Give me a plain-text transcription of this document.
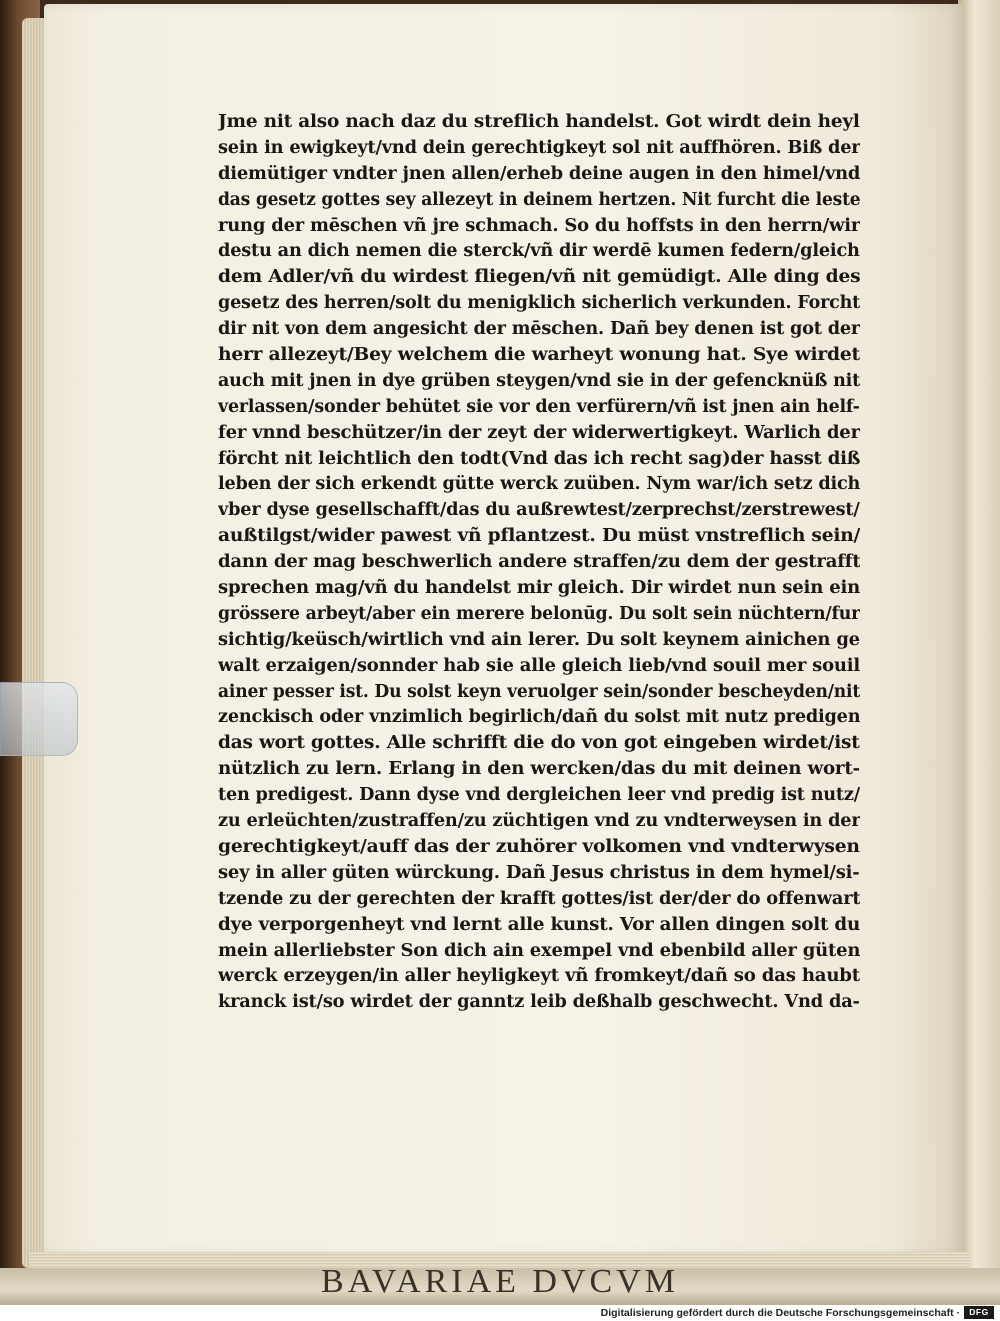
BAVARIAE DVCVM
Jme nit also nach daz du streflich handelst. Got wirdt dein heyl
sein in ewigkeyt/vnd dein gerechtigkeyt sol nit auffhören. Biß der
diemütiger vndter jnen allen/erheb deine augen in den himel/vnd
das gesetz gottes sey allezeyt in deinem hertzen. Nit furcht die leste
rung der mēschen vñ jre schmach. So du hoffsts in den herrn/wir
destu an dich nemen die sterck/vñ dir werdē kumen federn/gleich
dem Adler/vñ du wirdest fliegen/vñ nit gemüdigt. Alle ding des
gesetz des herren/solt du menigklich sicherlich verkunden. Forcht
dir nit von dem angesicht der mēschen. Dañ bey denen ist got der
herr allezeyt/Bey welchem die warheyt wonung hat. Sye wirdet
auch mit jnen in dye grüben steygen/vnd sie in der gefencknüß nit
verlassen/sonder behütet sie vor den verfürern/vñ ist jnen ain helf-
fer vnnd beschützer/in der zeyt der widerwertigkeyt. Warlich der
förcht nit leichtlich den todt(Vnd das ich recht sag)der hasst diß
leben der sich erkendt gütte werck zuüben. Nym war/ich setz dich
vber dyse gesellschafft/das du außrewtest/zerprechst/zerstrewest/
außtilgst/wider pawest vñ pflantzest. Du müst vnstreflich sein/
dann der mag beschwerlich andere straffen/zu dem der gestrafft
sprechen mag/vñ du handelst mir gleich. Dir wirdet nun sein ein
grössere arbeyt/aber ein merere belonūg. Du solt sein nüchtern/fur
sichtig/keüsch/wirtlich vnd ain lerer. Du solt keynem ainichen ge
walt erzaigen/sonnder hab sie alle gleich lieb/vnd souil mer souil
ainer pesser ist. Du solst keyn veruolger sein/sonder bescheyden/nit
zenckisch oder vnzimlich begirlich/dañ du solst mit nutz predigen
das wort gottes. Alle schrifft die do von got eingeben wirdet/ist
nützlich zu lern. Erlang in den wercken/das du mit deinen wort-
ten predigest. Dann dyse vnd dergleichen leer vnd predig ist nutz/
zu erleüchten/zustraffen/zu züchtigen vnd zu vndterweysen in der
gerechtigkeyt/auff das der zuhörer volkomen vnd vndterwysen
sey in aller güten würckung. Dañ Jesus christus in dem hymel/si-
tzende zu der gerechten der krafft gottes/ist der/der do offenwart
dye verporgenheyt vnd lernt alle kunst. Vor allen dingen solt du
mein allerliebster Son dich ain exempel vnd ebenbild aller güten
werck erzeygen/in aller heyligkeyt vñ fromkeyt/dañ so das haubt
kranck ist/so wirdet der ganntz leib deßhalb geschwecht. Vnd da-
Digitalisierung gefördert durch die Deutsche Forschungsgemeinschaft ·	DFG
